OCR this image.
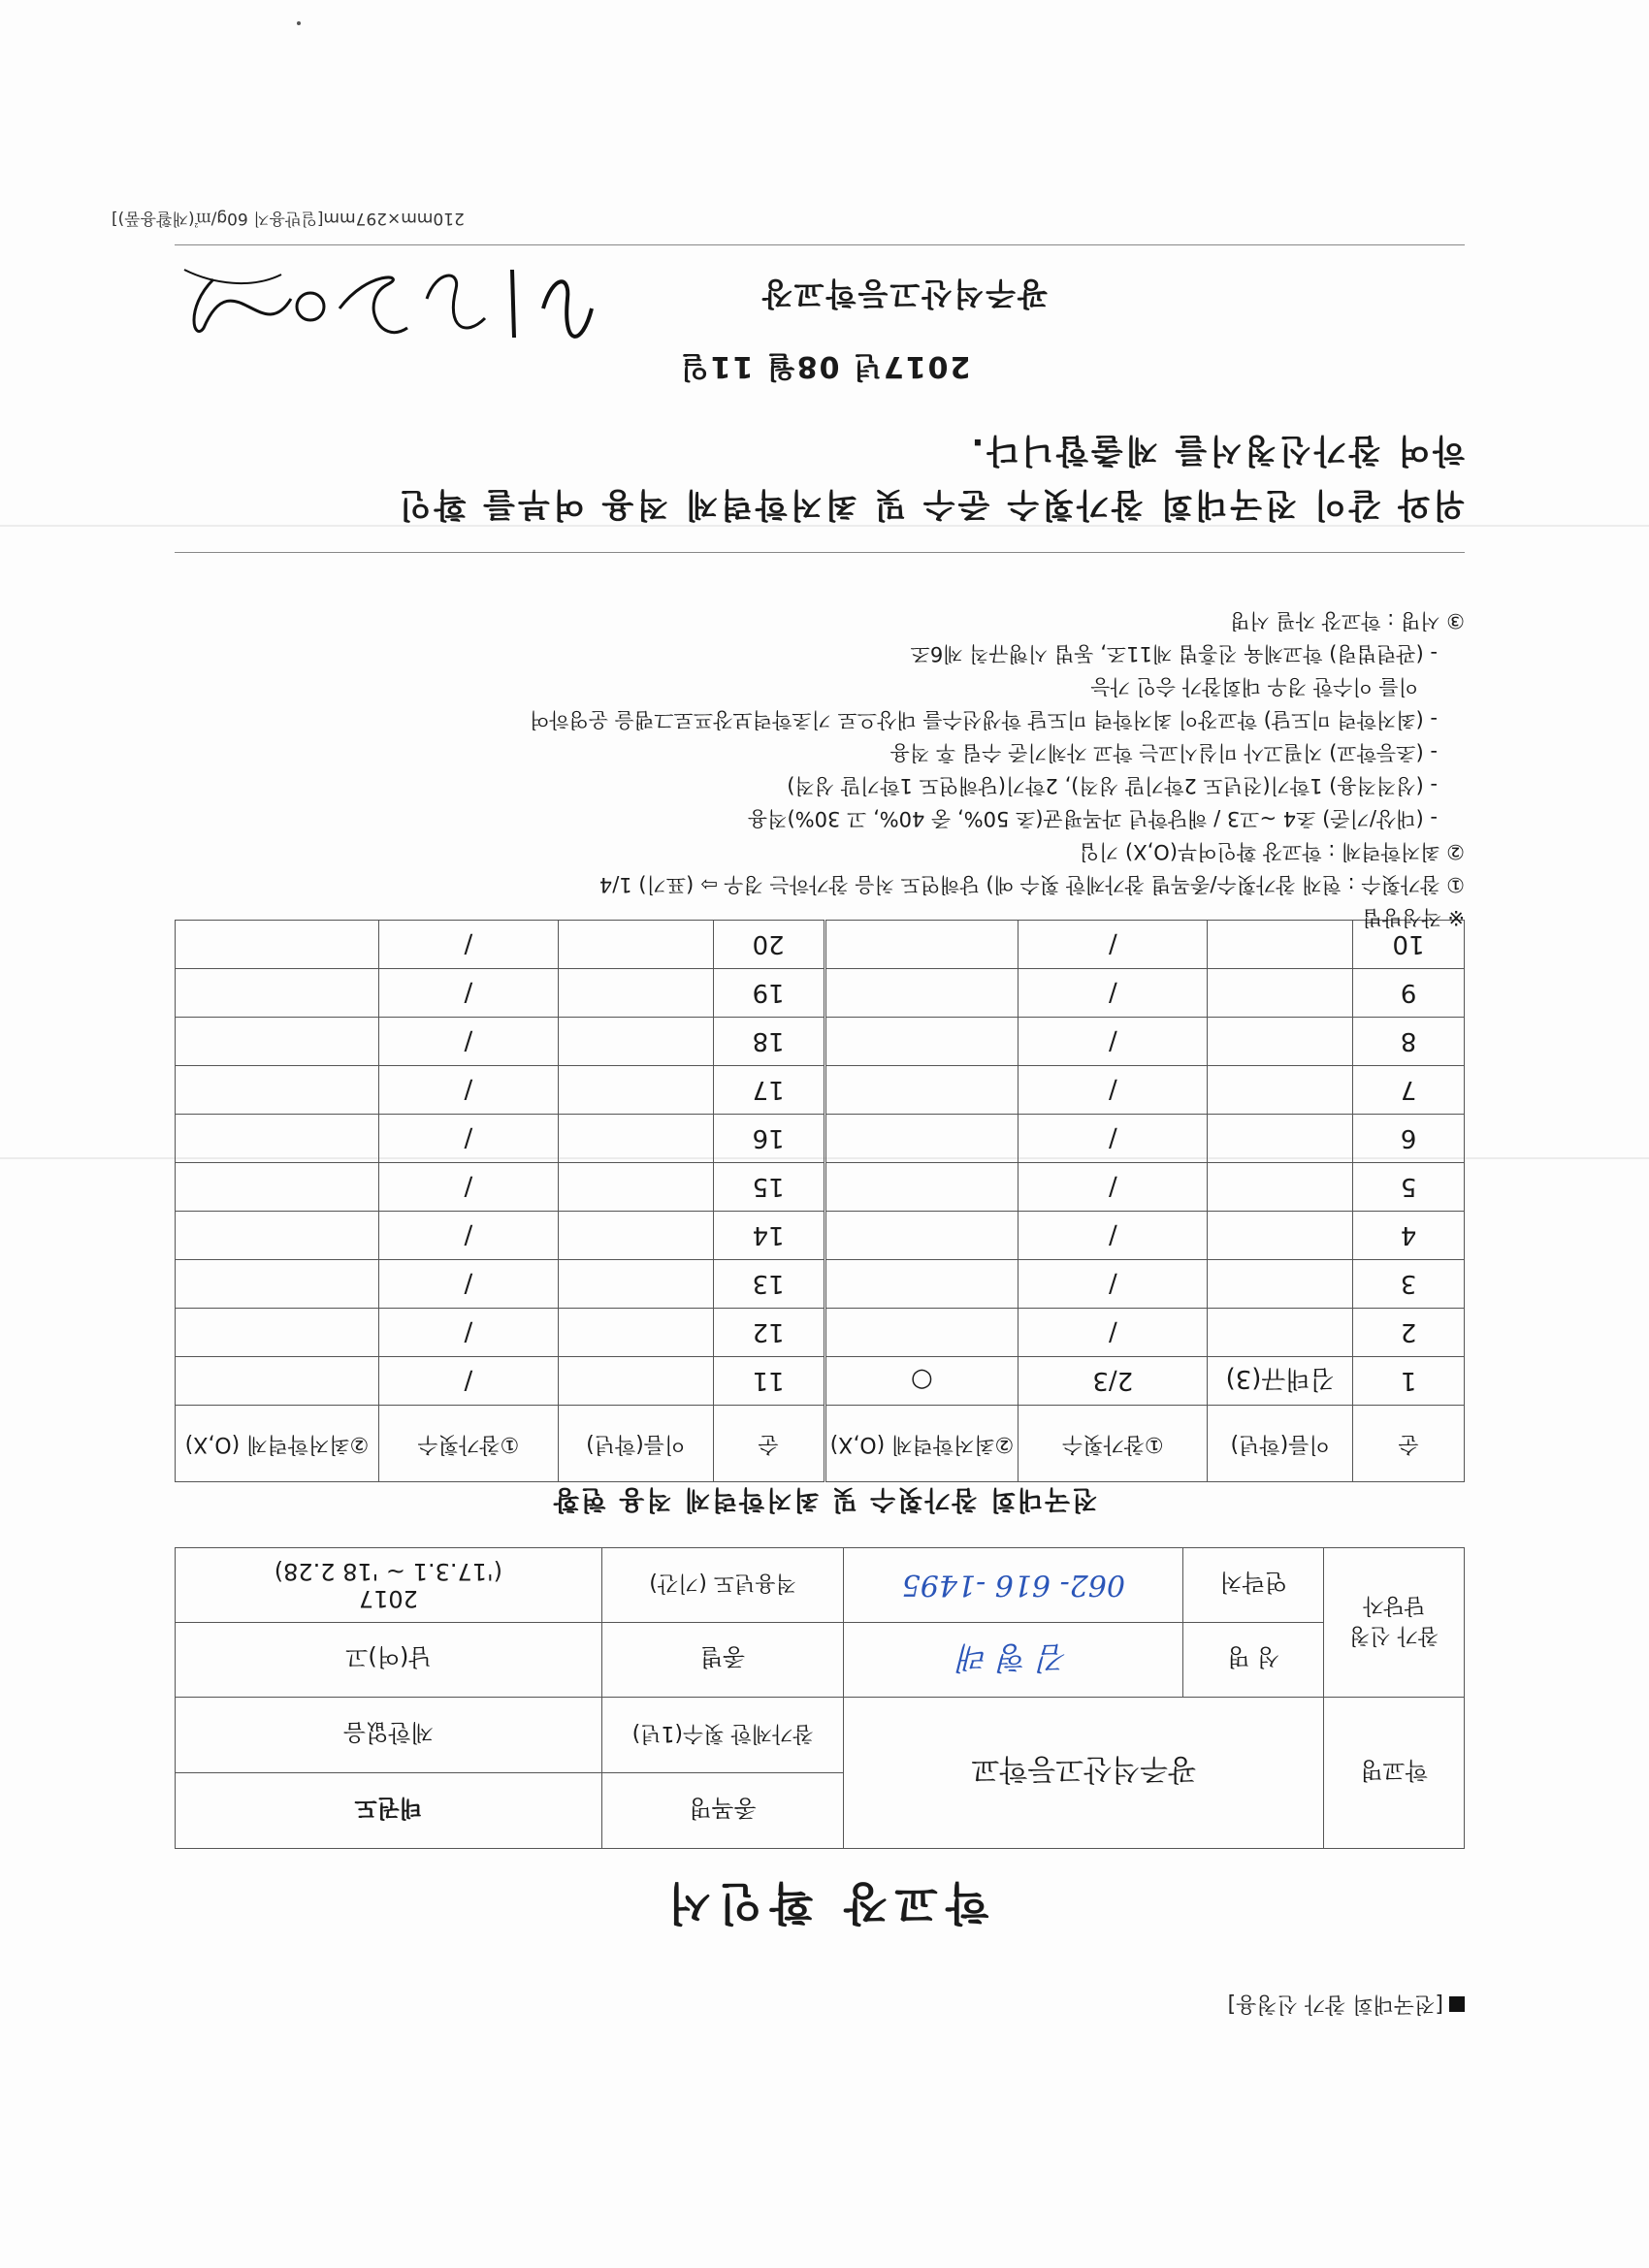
[전국대회 참가 신청용]
학교장 확인서
학교명	광주석산고등학교		종목명	태권도
			참가제한 횟수(1년)	제한없음
참가 신청 담당자	성 명	김 형 래	종별	남(여)고
	연락처	062- 616 -1495	적용년도 (기간)	2017
('17.3.1 ~ '18 2.28)
전국대회 참가횟수 및 최저학력제 적용 현황
순	이름(학년)	①참가횟수	②최저학력제 (O,X)	순	이름(학년)	①참가횟수	②최저학력제 (O,X)
1	김태규(3)	2/3	○	11		/	
2		/		12		/	
3		/		13		/	
4		/		14		/	
5		/		15		/	
6		/		16		/	
7		/		17		/	
8		/		18		/	
9		/		19		/	
10		/		20		/	
※ 작성방법
① 참가횟수 : 현재 참가횟수/종목별 참가제한 횟수 예) 당해연도 처음 참가하는 경우 ⇨ (표기) 1/4
② 최저학력제 : 학교장 확인여부(O,X) 기입
- (대상/기준) 초4 ~고3 / 해당학년 과목평균(초 50%, 중 40%, 고 30%)적용
- (성적적용) 1학기(전년도 2학기말 성적), 2학기(당해연도 1학기말 성적)
- (초등학교) 지필고사 미실시교는 학교 자체기준 수립 후 적용
- (최저학력 미도달) 학교장이 최저학력 미도달 학생선수를 대상으로 기초학력보장프로그램을 운영하여
이를 이수한 경우 대회참가 승인 가능
- (관련법령) 학교체육 진흥법 제11조, 동법 시행규칙 제6조
③ 서명 : 학교장 자필 서명
위와 같이 전국대회 참가횟수 준수 및 최저학력제 적용 여부를 확인
하여 참가신청서를 제출합니다.
2017년 08월 11일
광주석산고등학교장
210mm×297mm[일반용지 60g/㎡(재활용품)]
